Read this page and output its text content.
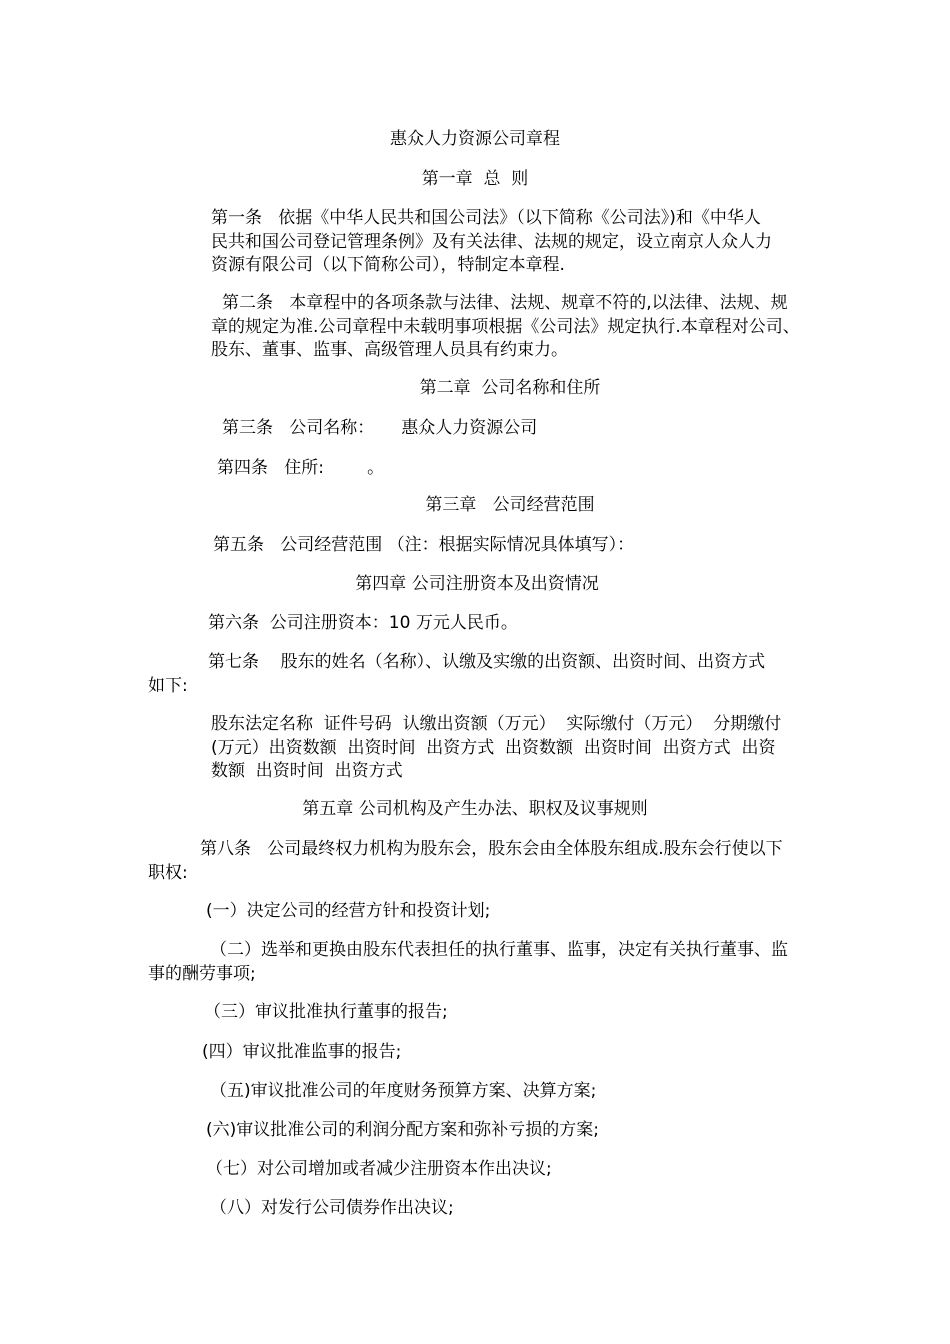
惠众人力资源公司章程
第一章  总  则
第一条   依据《中华人民共和国公司法》（以下简称《公司法》)和《中华人
民共和国公司登记管理条例》及有关法律、法规的规定，设立南京人众人力
资源有限公司（以下简称公司），特制定本章程.
第二条   本章程中的各项条款与法律、法规、规章不符的,以法律、法规、规
章的规定为准.公司章程中未载明事项根据《公司法》规定执行.本章程对公司、
股东、董事、监事、高级管理人员具有约束力。
第二章  公司名称和住所
第三条   公司名称：     惠众人力资源公司
第四条   住所:        。
第三章   公司经营范围
第五条   公司经营范围 （注：根据实际情况具体填写）：
第四章 公司注册资本及出资情况
第六条  公司注册资本：10 万元人民币。
第七条    股东的姓名（名称）、认缴及实缴的出资额、出资时间、出资方式
如下:
股东法定名称  证件号码  认缴出资额（万元）  实际缴付（万元）  分期缴付
(万元）出资数额  出资时间  出资方式  出资数额  出资时间  出资方式  出资
数额  出资时间  出资方式
第五章 公司机构及产生办法、职权及议事规则
第八条   公司最终权力机构为股东会，股东会由全体股东组成.股东会行使以下
职权:
(一）决定公司的经营方针和投资计划;
（二）选举和更换由股东代表担任的执行董事、监事，决定有关执行董事、监
事的酬劳事项;
（三）审议批准执行董事的报告;
(四）审议批准监事的报告;
（五)审议批准公司的年度财务预算方案、决算方案;
(六)审议批准公司的利润分配方案和弥补亏损的方案;
（七）对公司增加或者减少注册资本作出决议;
（八）对发行公司债券作出决议;
